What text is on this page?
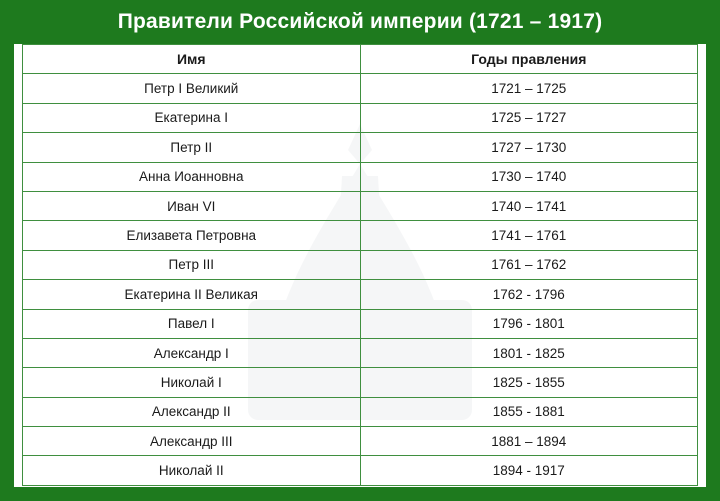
Правители Российской империи (1721 – 1917)
Имя	Годы правления
Петр I Великий	1721 – 1725
Екатерина I	1725 – 1727
Петр II	1727 – 1730
Анна Иоанновна	1730 – 1740
Иван VI	1740 – 1741
Елизавета Петровна	1741 – 1761
Петр III	1761 – 1762
Екатерина II Великая	1762 - 1796
Павел I	1796 - 1801
Александр I	1801 - 1825
Николай I	1825 - 1855
Александр II	1855 - 1881
Александр III	1881 – 1894
Николай II	1894 - 1917
